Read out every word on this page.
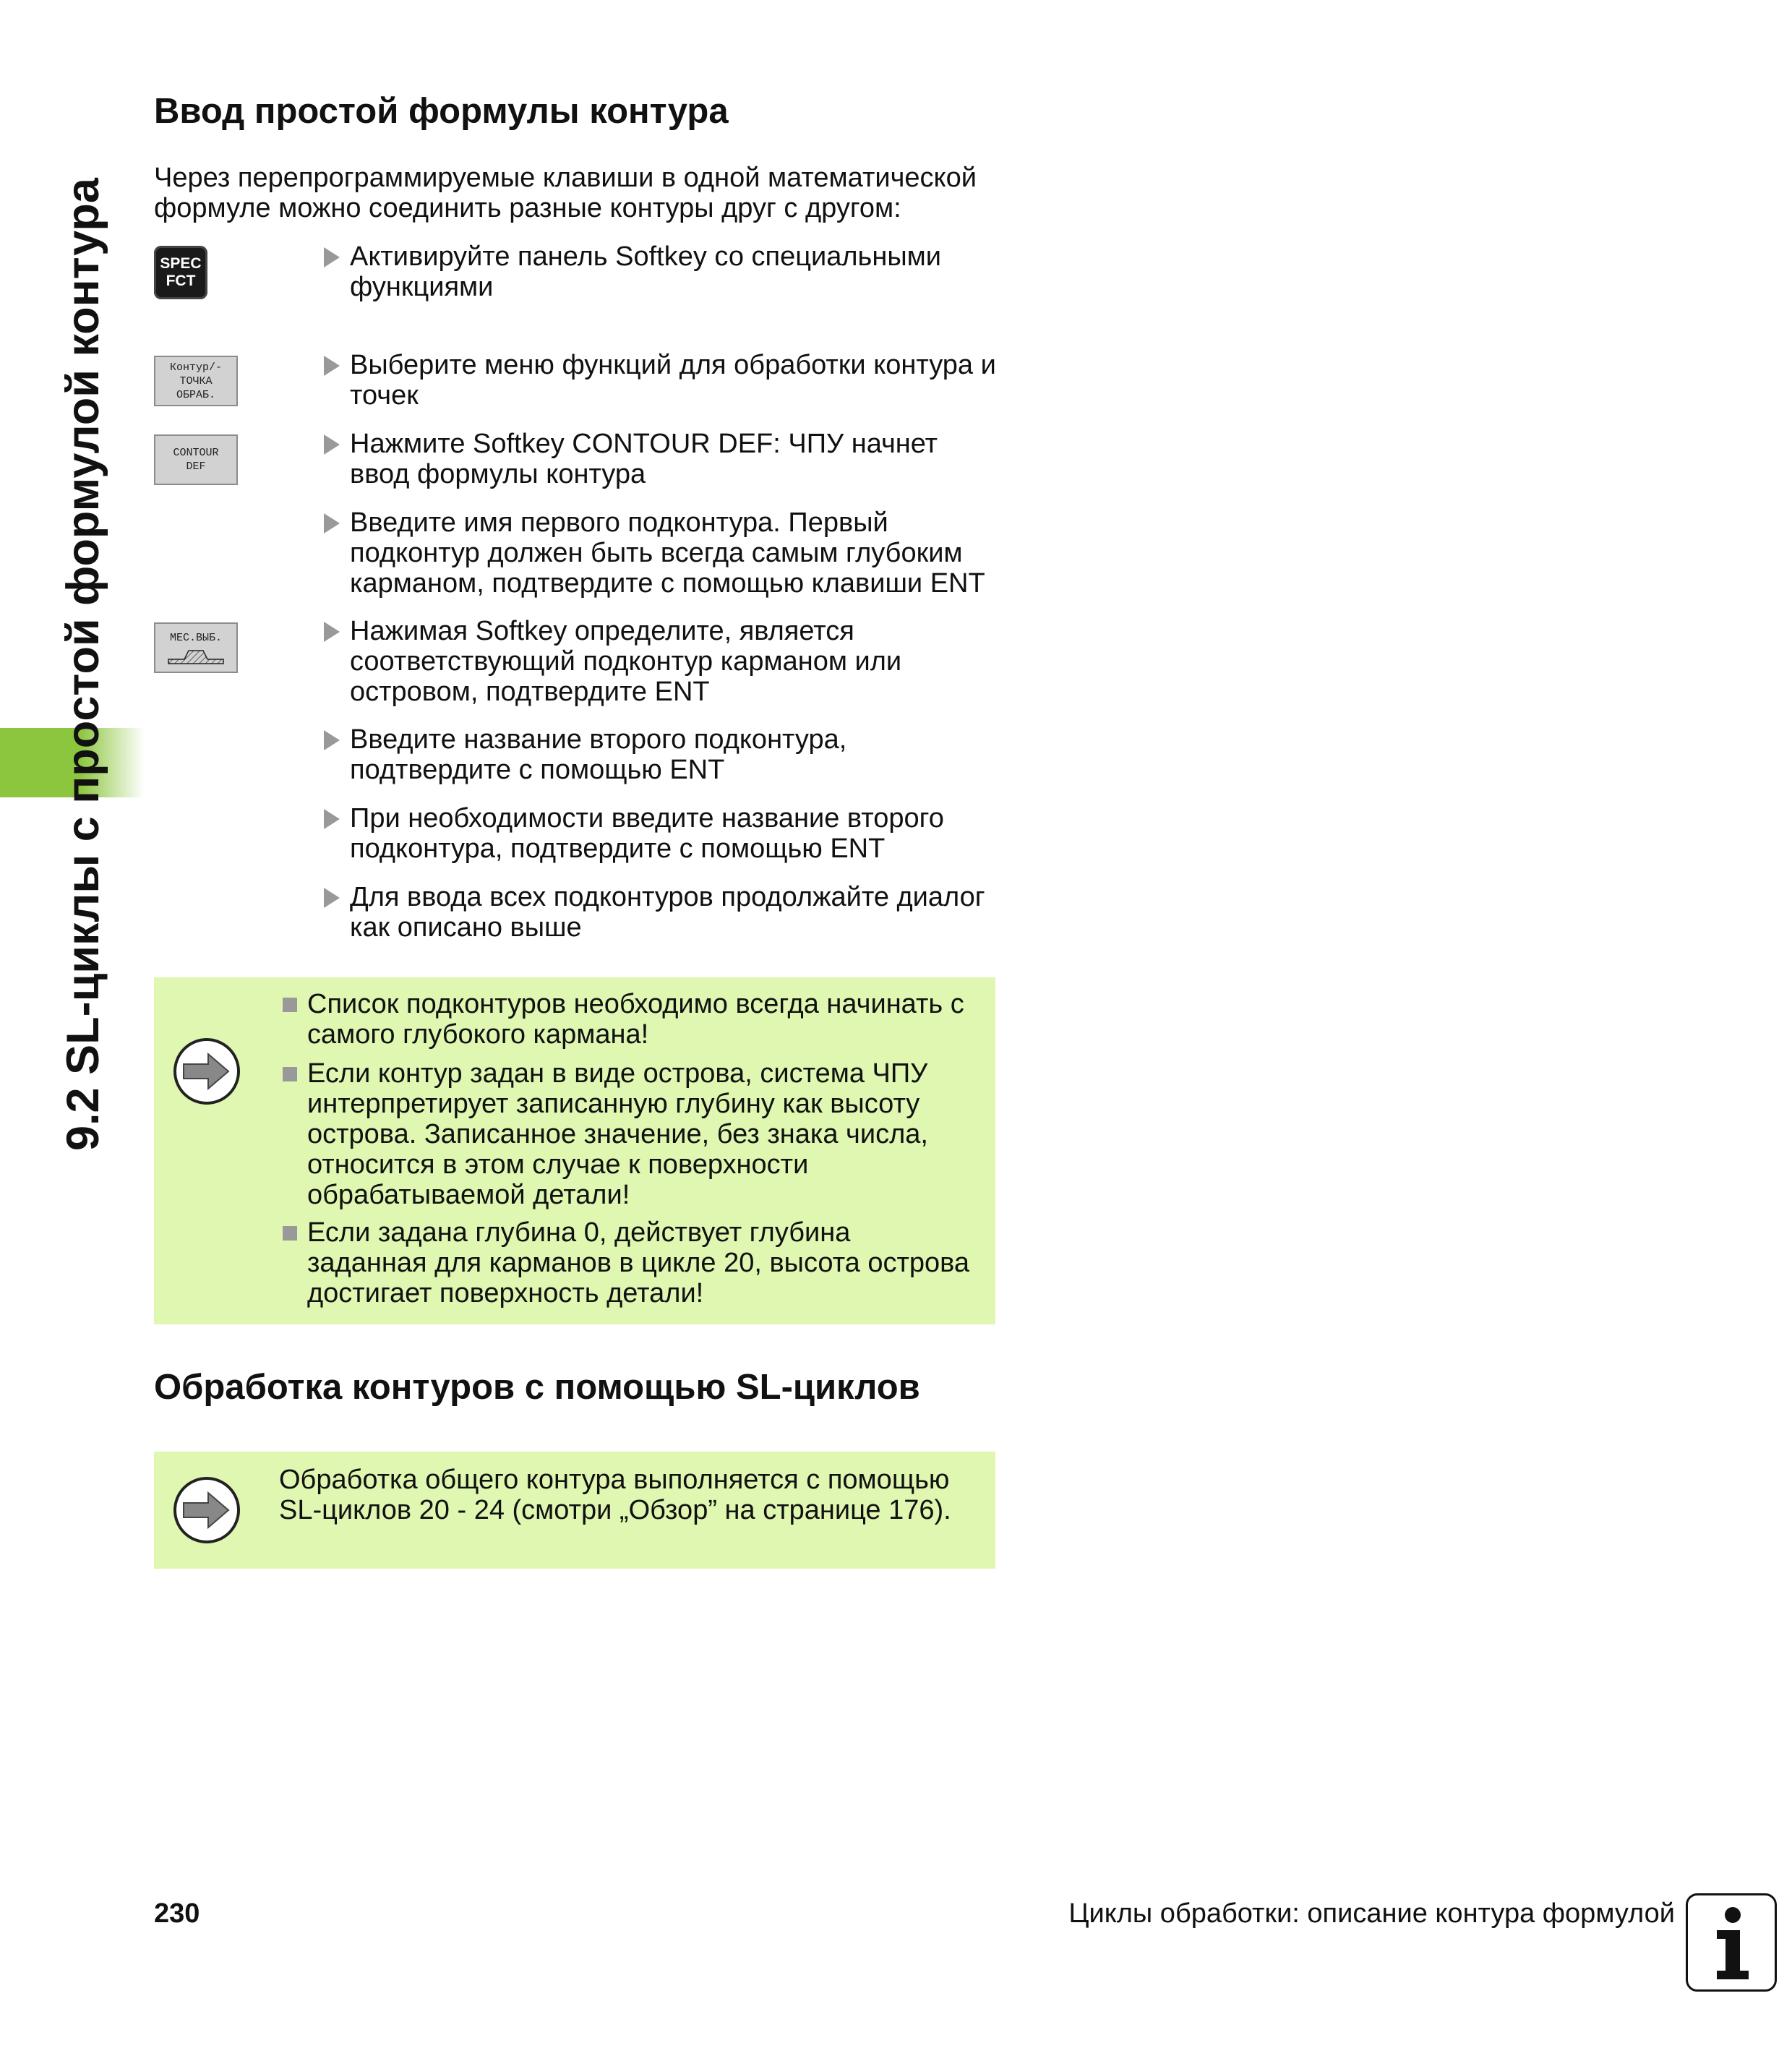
9.2 SL-циклы с простой формулой контура
Ввод простой формулы контура

Через перепрограммируемые клавиши в одной математической формуле можно соединить разные контуры друг с другом:

SPEC
FCT
Контур/-
ТОЧКА
ОБРАБ.
CONTOUR
DEF
МЕС.ВЫБ.
Активируйте панель Softkey со специальными функциями
Выберите меню функций для обработки контура и точек
Нажмите Softkey CONTOUR DEF: ЧПУ начнет ввод формулы контура
Введите имя первого подконтура. Первый подконтур должен быть всегда самым глубоким карманом, подтвердите с помощью клавиши ENT
Нажимая Softkey определите, является соответствующий подконтур карманом или островом, подтвердите ENT
Введите название второго подконтура, подтвердите с помощью ENT
При необходимости введите название второго подконтура, подтвердите с помощью ENT
Для ввода всех подконтуров продолжайте диалог как описано выше
Список подконтуров необходимо всегда начинать с самого глубокого кармана!
Если контур задан в виде острова, система ЧПУ интерпретирует записанную глубину как высоту острова. Записанное значение, без знака числа, относится в этом случае к поверхности обрабатываемой детали!
Если задана глубина 0, действует глубина заданная для карманов в цикле 20, высота острова достигает поверхность детали!
Обработка контуров с помощью SL-циклов
Обработка общего контура выполняется с помощью SL-циклов 20 - 24 (смотри „Обзор” на странице 176).
230	Циклы обработки: описание контура формулой
